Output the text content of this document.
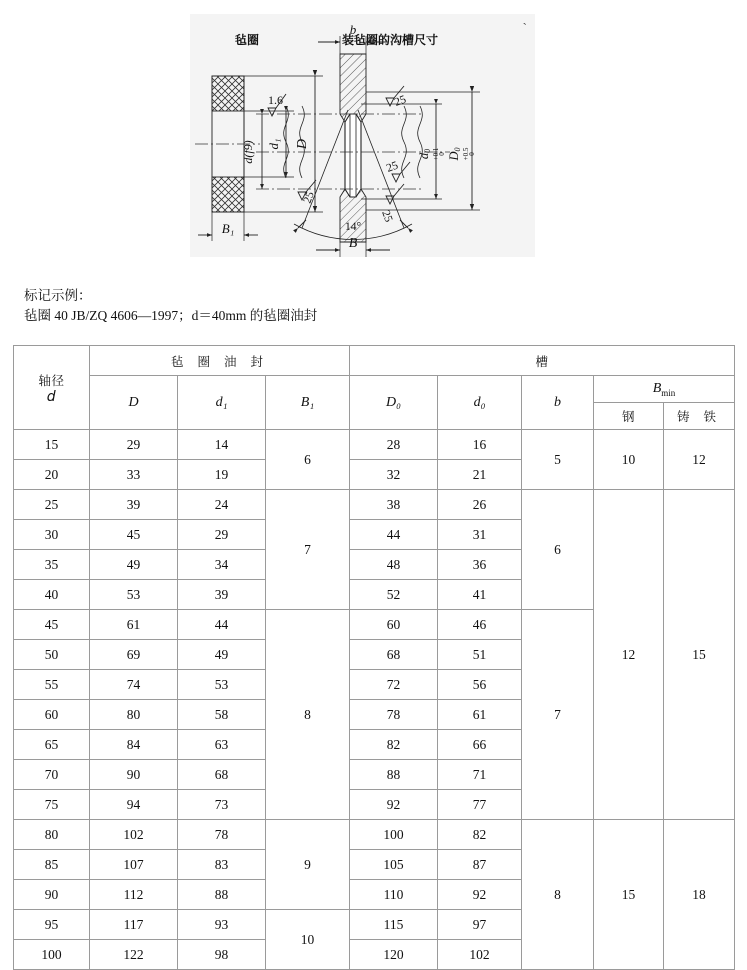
毡圈	装毡圈的沟槽尺寸
`
d₁ D
B₁
b
B
14°
d(f9)	d0 +0.1
0 D0 +0.5
0
1.6	25
25
25
25
标记示例：
毡圈 40 JB/ZQ 4606—1997；d＝40mm 的毡圈油封
轴径
d	毡 圈 油 封			槽				
	D	d₁	B₁	D₀	d₀	b	$B_{min}$
							钢	铸 铁
15	29	14	6	28	16	5	10	12
20	33	19		32	21			
25	39	24	7	38	26	6	12	15
30	45	29		44	31			
35	49	34		48	36			
40	53	39		52	41			
45	61	44	8	60	46	7		
50	69	49		68	51			
55	74	53		72	56			
60	80	58		78	61			
65	84	63		82	66			
70	90	68		88	71			
75	94	73		92	77			
80	102	78	9	100	82	8	15	18
85	107	83		105	87			
90	112	88		110	92			
95	117	93	10	115	97			
100	122	98		120	102			
